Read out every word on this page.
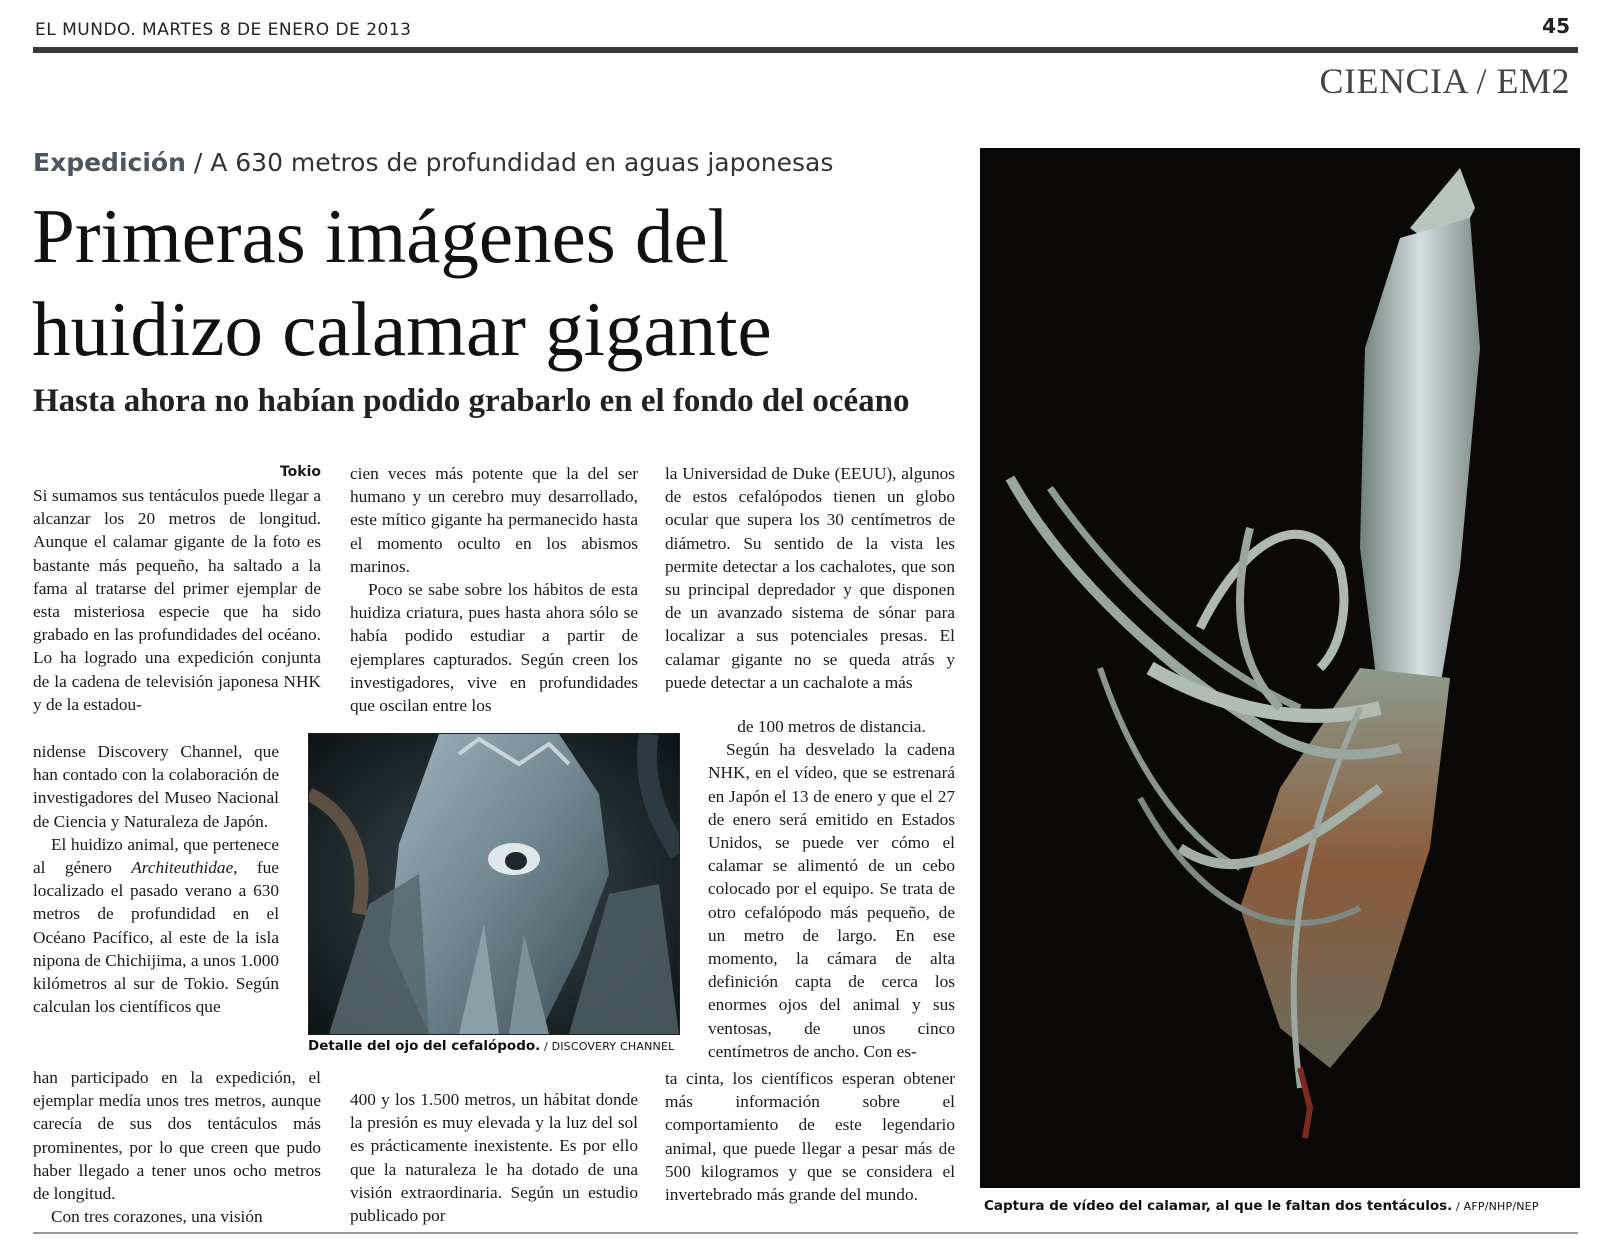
EL MUNDO. MARTES 8 DE ENERO DE 2013	45
CIENCIA / EM2
Expedición / A 630 metros de profundidad en aguas japonesas
Primeras imágenes del
huidizo calamar gigante
Hasta ahora no habían podido grabarlo en el fondo del océano
Tokio

Si sumamos sus tentáculos puede llegar a alcanzar los 20 metros de longitud. Aunque el calamar gigante de la foto es bastante más pequeño, ha saltado a la fama al tratarse del primer ejemplar de esta misteriosa especie que ha sido grabado en las profundidades del océano. Lo ha logrado una expedición conjunta de la cadena de televisión japonesa NHK y de la estadou-

nidense Discovery Channel, que han contado con la colaboración de investigadores del Museo Nacional de Ciencia y Naturaleza de Japón.

El huidizo animal, que pertenece al género Architeuthidae, fue localizado el pasado verano a 630 metros de profundidad en el Océano Pacífico, al este de la isla nipona de Chichijima, a unos 1.000 kilómetros al sur de Tokio. Según calculan los científicos que

han participado en la expedición, el ejemplar medía unos tres metros, aunque carecía de sus dos tentáculos más prominentes, por lo que creen que pudo haber llegado a tener unos ocho metros de longitud.

Con tres corazones, una visión

cien veces más potente que la del ser humano y un cerebro muy desarrollado, este mítico gigante ha permanecido hasta el momento oculto en los abismos marinos.

Poco se sabe sobre los hábitos de esta huidiza criatura, pues hasta ahora sólo se había podido estudiar a partir de ejemplares capturados. Según creen los investigadores, vive en profundidades que oscilan entre los

400 y los 1.500 metros, un hábitat donde la presión es muy elevada y la luz del sol es prácticamente inexistente. Es por ello que la naturaleza le ha dotado de una visión extraordinaria. Según un estudio publicado por

la Universidad de Duke (EEUU), algunos de estos cefalópodos tienen un globo ocular que supera los 30 centímetros de diámetro. Su sentido de la vista les permite detectar a los cachalotes, que son su principal depredador y que disponen de un avanzado sistema de sónar para localizar a sus potenciales presas. El calamar gigante no se queda atrás y puede detectar a un cachalote a más

de 100 metros de distancia.

Según ha desvelado la cadena NHK, en el vídeo, que se estrenará en Japón el 13 de enero y que el 27 de enero será emitido en Estados Unidos, se puede ver cómo el calamar se alimentó de un cebo colocado por el equipo. Se trata de otro cefalópodo más pequeño, de un metro de largo. En ese momento, la cámara de alta definición capta de cerca los enormes ojos del animal y sus ventosas, de unos cinco centímetros de ancho. Con es-

ta cinta, los científicos esperan obtener más información sobre el comportamiento de este legendario animal, que puede llegar a pesar más de 500 kilogramos y que se considera el invertebrado más grande del mundo.

Detalle del ojo del cefalópodo. / DISCOVERY CHANNEL
Captura de vídeo del calamar, al que le faltan dos tentáculos. / AFP/NHP/NEP
